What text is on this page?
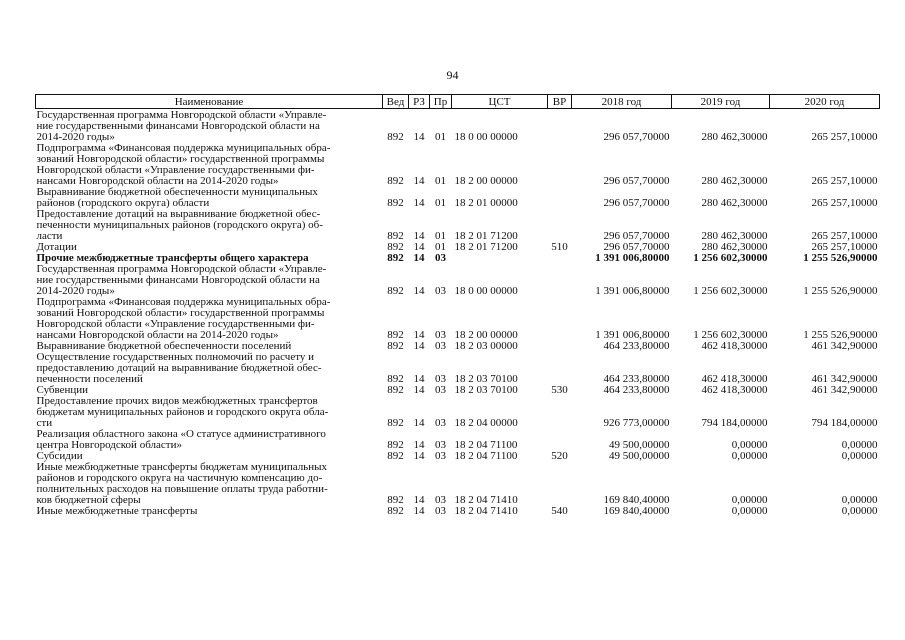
94
Наименование	Вед	РЗ	Пр	ЦСТ	ВР	2018 год	2019 год	2020 год
Государственная программа Новгородской области «Управле-
ние государственными финансами Новгородской области на
2014-2020 годы»	892	14	01	18 0 00 00000		296 057,70000	280 462,30000	265 257,10000
Подпрограмма «Финансовая поддержка муниципальных обра-
зований Новгородской области» государственной программы
Новгородской области «Управление государственными фи-
нансами Новгородской области на 2014-2020 годы»	892	14	01	18 2 00 00000		296 057,70000	280 462,30000	265 257,10000
Выравнивание бюджетной обеспеченности муниципальных
районов (городского округа) области	892	14	01	18 2 01 00000		296 057,70000	280 462,30000	265 257,10000
Предоставление дотаций на выравнивание бюджетной обес-
печенности муниципальных районов (городского округа) об-
ласти	892	14	01	18 2 01 71200		296 057,70000	280 462,30000	265 257,10000
Дотации	892	14	01	18 2 01 71200	510	296 057,70000	280 462,30000	265 257,10000
Прочие межбюджетные трансферты общего характера	892	14	03			1 391 006,80000	1 256 602,30000	1 255 526,90000
Государственная программа Новгородской области «Управле-
ние государственными финансами Новгородской области на
2014-2020 годы»	892	14	03	18 0 00 00000		1 391 006,80000	1 256 602,30000	1 255 526,90000
Подпрограмма «Финансовая поддержка муниципальных обра-
зований Новгородской области» государственной программы
Новгородской области «Управление государственными фи-
нансами Новгородской области на 2014-2020 годы»	892	14	03	18 2 00 00000		1 391 006,80000	1 256 602,30000	1 255 526,90000
Выравнивание бюджетной обеспеченности поселений	892	14	03	18 2 03 00000		464 233,80000	462 418,30000	461 342,90000
Осуществление государственных полномочий по расчету и
предоставлению дотаций на выравнивание бюджетной обес-
печенности поселений	892	14	03	18 2 03 70100		464 233,80000	462 418,30000	461 342,90000
Субвенции	892	14	03	18 2 03 70100	530	464 233,80000	462 418,30000	461 342,90000
Предоставление прочих видов межбюджетных трансфертов
бюджетам муниципальных районов и городского округа обла-
сти	892	14	03	18 2 04 00000		926 773,00000	794 184,00000	794 184,00000
Реализация областного закона «О статусе административного
центра Новгородской области»	892	14	03	18 2 04 71100		49 500,00000	0,00000	0,00000
Субсидии	892	14	03	18 2 04 71100	520	49 500,00000	0,00000	0,00000
Иные межбюджетные трансферты бюджетам муниципальных
районов и городского округа на частичную компенсацию до-
полнительных расходов на повышение оплаты труда работни-
ков бюджетной сферы	892	14	03	18 2 04 71410		169 840,40000	0,00000	0,00000
Иные межбюджетные трансферты	892	14	03	18 2 04 71410	540	169 840,40000	0,00000	0,00000
